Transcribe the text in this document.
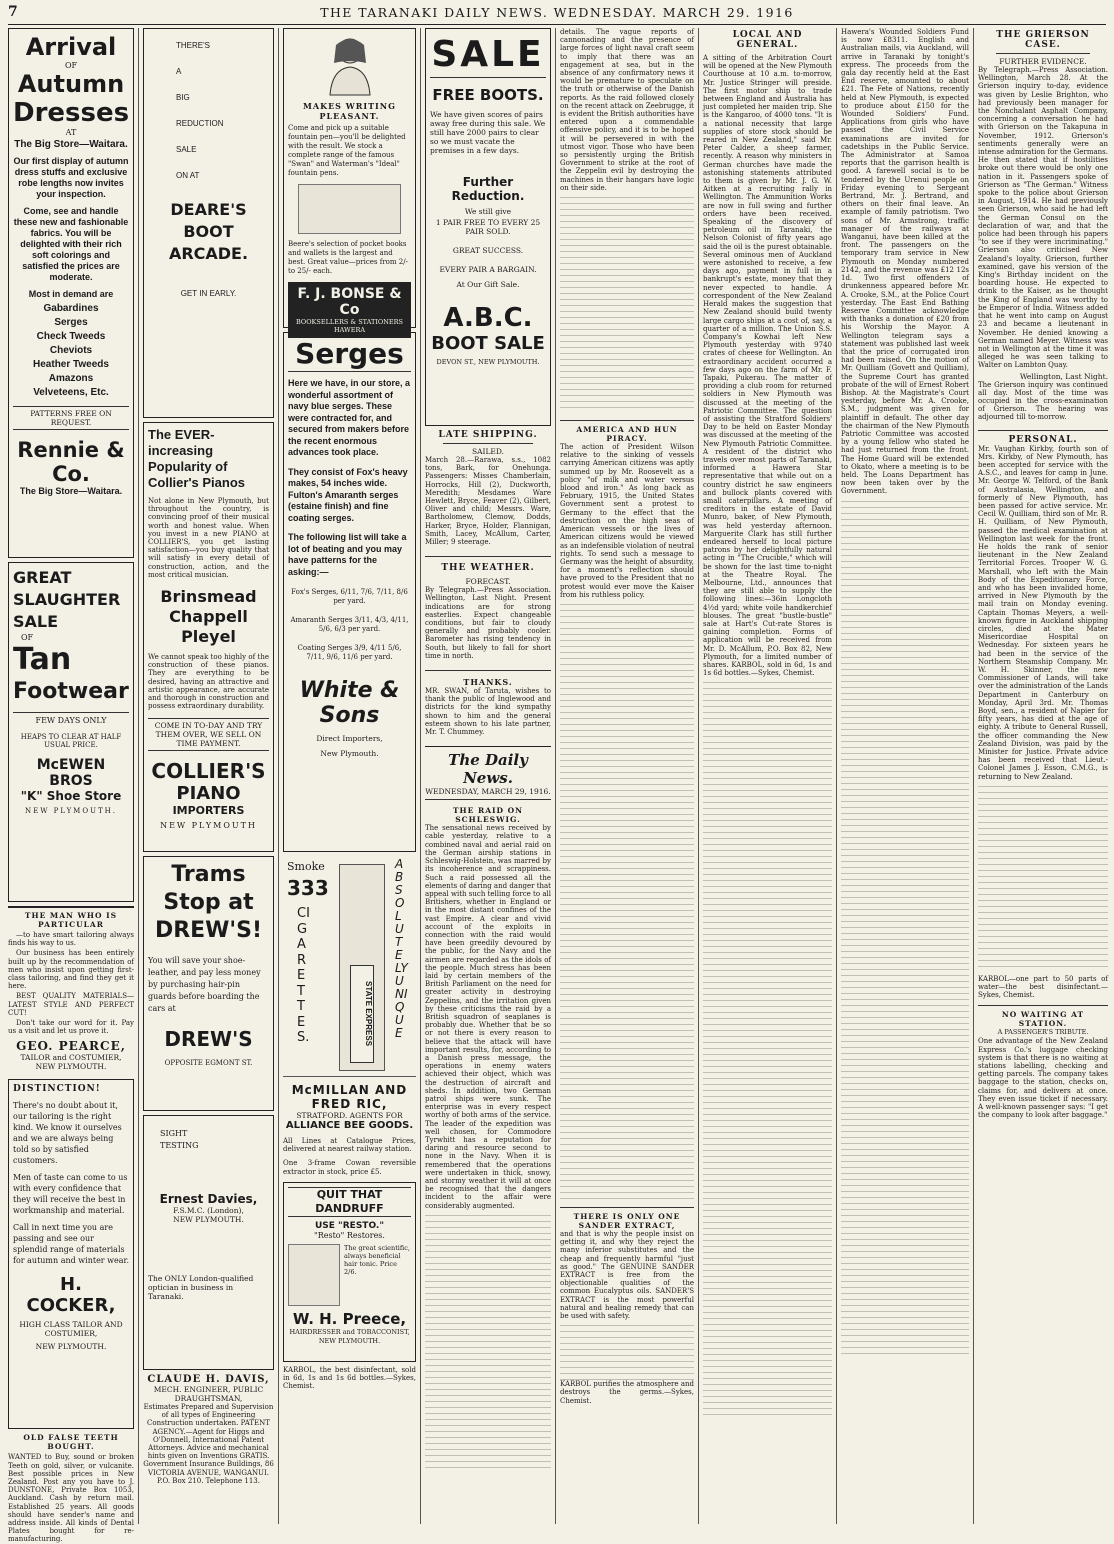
7	THE TARANAKI DAILY NEWS. WEDNESDAY. MARCH 29. 1916
Arrival
OF
Autumn
Dresses
AT
The Big Store—Waitara.
Our first display of autumn dress stuffs and exclusive robe lengths now invites your inspection.
Come, see and handle these new and fashionable fabrics. You will be delighted with their rich soft colorings and satisfied the prices are moderate.
Most in demand are
Gabardines
Serges
Check Tweeds
Cheviots
Heather Tweeds
Amazons
Velveteens, Etc.
PATTERNS FREE ON REQUEST.
Rennie & Co.
The Big Store—Waitara.
GREAT
SLAUGHTER
SALE
OF
Tan
Footwear
FEW DAYS ONLY
HEAPS TO CLEAR AT HALF USUAL PRICE.
McEWEN BROS
"K" Shoe Store
NEW PLYMOUTH.
THE MAN WHO IS PARTICULAR

—to have smart tailoring always finds his way to us.

Our business has been entirely built up by the recommendation of men who insist upon getting first-class tailoring, and find they get it here.

BEST QUALITY MATERIALS—LATEST STYLE AND PERFECT CUT!

Don't take our word for it. Pay us a visit and let us prove it.

GEO. PEARCE,
TAILOR and COSTUMIER,
NEW PLYMOUTH.
DISTINCTION!
There's no doubt about it, our tailoring is the right kind. We know it ourselves and we are always being told so by satisfied customers.
Men of taste can come to us with every confidence that they will receive the best in workmanship and material.
Call in next time you are passing and see our splendid range of materials for autumn and winter wear.
H. COCKER,
HIGH CLASS TAILOR AND COSTUMIER,
NEW PLYMOUTH.
OLD FALSE TEETH BOUGHT.
WANTED to Buy, sound or broken Teeth on gold, silver, or vulcanite. Best possible prices in New Zealand. Post any you have to J. DUNSTONE, Private Box 1053, Auckland. Cash by return mail. Established 25 years. All goods should have sender's name and address inside. All kinds of Dental Plates bought for re-manufacturing.
THERE'S
A
BIG
REDUCTION
SALE
ON AT
DEARE'S BOOT ARCADE.
GET IN EARLY.
The EVER-increasing Popularity of Collier's Pianos
Not alone in New Plymouth, but throughout the country, is convincing proof of their musical worth and honest value. When you invest in a new PIANO at COLLIER'S, you get lasting satisfaction—you buy quality that will satisfy in every detail of construction, action, and the most critical musician.
Brinsmead
Chappell
Pleyel
We cannot speak too highly of the construction of these pianos. They are everything to be desired, having an attractive and artistic appearance, are accurate and thorough in construction and possess extraordinary durability.
COME IN TO-DAY AND TRY THEM OVER, WE SELL ON TIME PAYMENT.
COLLIER'S
PIANO
IMPORTERS
NEW PLYMOUTH
Trams
Stop at
DREW'S!
You will save your shoe-leather, and pay less money by purchasing hair-pin guards before boarding the cars at
DREW'S
OPPOSITE EGMONT ST.
SIGHT TESTING
Ernest Davies,
F.S.M.C. (London),
NEW PLYMOUTH.
The ONLY London-qualified optician in business in Taranaki.
CLAUDE H. DAVIS,
MECH. ENGINEER, PUBLIC DRAUGHTSMAN,
Estimates Prepared and Supervision of all types of Engineering Construction undertaken. PATENT AGENCY.—Agent for Higgs and O'Donnell, International Patent Attorneys. Advice and mechanical hints given on Inventions GRATIS. Government Insurance Buildings, 86 VICTORIA AVENUE, WANGANUI. P.O. Box 210. Telephone 113.
MAKES WRITING PLEASANT.
Come and pick up a suitable fountain pen—you'll be delighted with the result. We stock a complete range of the famous "Swan" and Waterman's "Ideal" fountain pens.
Beere's selection of pocket books and wallets is the largest and best. Great value—prices from 2/- to 25/- each.
F. J. BONSE & Co
BOOKSELLERS & STATIONERS HAWERA
Serges
Here we have, in our store, a wonderful assortment of navy blue serges. These were contracted for, and secured from makers before the recent enormous advances took place.
They consist of Fox's heavy makes, 54 inches wide. Fulton's Amaranth serges (estaine finish) and fine coating serges.
The following list will take a lot of beating and you may have patterns for the asking:—
Fox's Serges, 6/11, 7/6, 7/11, 8/6 per yard.
Amaranth Serges 3/11, 4/3, 4/11, 5/6, 6/3 per yard.
Coating Serges 3/9, 4/11 5/6, 7/11, 9/6, 11/6 per yard.
White & Sons
Direct Importers,
New Plymouth.
Smoke
333
CIGARETTES.	STATE EXPRESS
ABSOLUTELY UNIQUE
McMILLAN AND
FRED RIC,
STRATFORD. AGENTS FOR
ALLIANCE BEE GOODS.
All Lines at Catalogue Prices, delivered at nearest railway station.
One 3-frame Cowan reversible extractor in stock, price £5.
QUIT THAT DANDRUFF
USE "RESTO."
"Resto" Restores.
The great scientific, always beneficial hair tonic. Price 2/6.
W. H. Preece,
HAIRDRESSER and TOBACCONIST, NEW PLYMOUTH.
KARBOL, the best disinfectant, sold in 6d, 1s and 1s 6d bottles.—Sykes, Chemist.
SALE
FREE BOOTS.
We have given scores of pairs away free during this sale. We still have 2000 pairs to clear so we must vacate the premises in a few days.
Further Reduction.
We still give
1 PAIR FREE TO EVERY 25 PAIR SOLD.
GREAT SUCCESS.
EVERY PAIR A BARGAIN.
At Our Gift Sale.
A.B.C.
BOOT SALE
DEVON ST., NEW PLYMOUTH.
LATE SHIPPING.
SAILED.
March 28.—Rarawa, s.s., 1082 tons, Bark, for Onehunga. Passengers: Misses Chamberlain, Horrocks, Hill (2), Duckworth, Meredith; Mesdames Ware Hewlett, Bryce, Feaver (2), Gilbert, Oliver and child; Messrs. Ware, Bartholomew, Clemow, Dodds, Harker, Bryce, Holder, Flannigan, Smith, Lacey, McAllum, Carter, Miller; 9 steerage.
THE WEATHER.
FORECAST.
By Telegraph.—Press Association. Wellington, Last Night. Present indications are for strong easterlies. Expect changeable conditions, but fair to cloudy generally and probably cooler. Barometer has rising tendency in South, but likely to fall for short time in north.
THANKS.
MR. SWAN, of Taruta, wishes to thank the public of Inglewood and districts for the kind sympathy shown to him and the general esteem shown to his late partner, Mr. T. Chummey.
The Daily News.
WEDNESDAY, MARCH 29, 1916.
THE RAID ON SCHLESWIG.
The sensational news received by cable yesterday, relative to a combined naval and aerial raid on the German airship stations in Schleswig-Holstein, was marred by its incoherence and scrappiness. Such a raid possessed all the elements of daring and danger that appeal with such telling force to all Britishers, whether in England or in the most distant confines of the vast Empire. A clear and vivid account of the exploits in connection with the raid would have been greedily devoured by the public, for the Navy and the airmen are regarded as the idols of the people. Much stress has been laid by certain members of the British Parliament on the need for greater activity in destroying Zeppelins, and the irritation given by these criticisms the raid by a British squadron of seaplanes is probably due. Whether that be so or not there is every reason to believe that the attack will have important results, for, according to a Danish press message, the operations in enemy waters achieved their object, which was the destruction of aircraft and sheds. In addition, two German patrol ships were sunk. The enterprise was in every respect worthy of both arms of the service. The leader of the expedition was well chosen, for Commodore Tyrwhitt has a reputation for daring and resource second to none in the Navy. When it is remembered that the operations were undertaken in thick, snowy, and stormy weather it will at once be recognised that the dangers incident to the affair were considerably augmented.
details. The vague reports of cannonading and the presence of large forces of light naval craft seem to imply that there was an engagement at sea, but in the absence of any confirmatory news it would be premature to speculate on the truth or otherwise of the Danish reports. As the raid followed closely on the recent attack on Zeebrugge, it is evident the British authorities have entered upon a commendable offensive policy, and it is to be hoped it will be persevered in with the utmost vigor. Those who have been so persistently urging the British Government to strike at the root of the Zeppelin evil by destroying the machines in their hangars have logic on their side.
AMERICA AND HUN PIRACY.
The action of President Wilson relative to the sinking of vessels carrying American citizens was aptly summed up by Mr. Roosevelt as a policy "of milk and water versus blood and iron." As long back as February, 1915, the United States Government sent a protest to Germany to the effect that the destruction on the high seas of American vessels or the lives of American citizens would be viewed as an indefensible violation of neutral rights. To send such a message to Germany was the height of absurdity, for a moment's reflection should have proved to the President that no protest would ever move the Kaiser from his ruthless policy.
THERE IS ONLY ONE SANDER EXTRACT,
and that is why the people insist on getting it, and why they reject the many inferior substitutes and the cheap and frequently harmful "just as good." The GENUINE SANDER EXTRACT is free from the objectionable qualities of the common Eucalyptus oils. SANDER'S EXTRACT is the most powerful natural and healing remedy that can be used with safety.
KARBOL purifies the atmosphere and destroys the germs.—Sykes, Chemist.
LOCAL AND GENERAL.
A sitting of the Arbitration Court will be opened at the New Plymouth Courthouse at 10 a.m. to-morrow, Mr. Justice Stringer will preside. The first motor ship to trade between England and Australia has just completed her maiden trip. She is the Kangaroo, of 4000 tons. "It is a national necessity that large supplies of store stock should be reared in New Zealand," said Mr. Peter Calder, a sheep farmer, recently. A reason why ministers in German churches have made the astonishing statements attributed to them is given by Mr. J. G. W. Aitken at a recruiting rally in Wellington. The Ammunition Works are now in full swing and further orders have been received. Speaking of the discovery of petroleum oil in Taranaki, the Nelson Colonist of fifty years ago said the oil is the purest obtainable. Several ominous men of Auckland were astonished to receive, a few days ago, payment in full in a bankrupt's estate, money that they never expected to handle. A correspondent of the New Zealand Herald makes the suggestion that New Zealand should build twenty large cargo ships at a cost of, say, a quarter of a million. The Union S.S. Company's Kowhai left New Plymouth yesterday with 9740 crates of cheese for Wellington. An extraordinary accident occurred a few days ago on the farm of Mr. F. Tapaki, Pukerau. The matter of providing a club room for returned soldiers in New Plymouth was discussed at the meeting of the Patriotic Committee. The question of assisting the Stratford Soldiers' Day to be held on Easter Monday was discussed at the meeting of the New Plymouth Patriotic Committee. A resident of the district who travels over most parts of Taranaki, informed a Hawera Star representative that while out on a country district he saw engineers and bullock plants covered with small caterpillars. A meeting of creditors in the estate of David Munro, baker, of New Plymouth, was held yesterday afternoon. Marguerite Clark has still further endeared herself to local picture patrons by her delightfully natural acting in "The Crucible," which will be shown for the last time to-night at the Theatre Royal. The Melbourne, Ltd., announces that they are still able to supply the following lines:—36in Longcloth 4½d yard; white voile handkerchief blouses. The great "bustle-bustle" sale at Hart's Cut-rate Stores is gaining completion. Forms of application will be received from Mr. D. McAllum, P.O. Box 82, New Plymouth, for a limited number of shares. KARBOL, sold in 6d, 1s and 1s 6d bottles.—Sykes, Chemist.
Hawera's Wounded Soldiers Fund is now £8311. English and Australian mails, via Auckland, will arrive in Taranaki by tonight's express. The proceeds from the gala day recently held at the East End reserve, amounted to about £21. The Fete of Nations, recently held at New Plymouth, is expected to produce about £150 for the Wounded Soldiers' Fund. Applications from girls who have passed the Civil Service examinations are invited for cadetships in the Public Service. The Administrator at Samoa reports that the garrison health is good. A farewell social is to be tendered by the Urenui people on Friday evening to Sergeant Bertrand, Mr. J. Bertrand, and others on their final leave. An example of family patriotism. Two sons of Mr. Armstrong, traffic manager of the railways at Wanganui, have been killed at the front. The passengers on the temporary tram service in New Plymouth on Monday numbered 2142, and the revenue was £12 12s 1d. Two first offenders of drunkenness appeared before Mr. A. Crooke, S.M., at the Police Court yesterday. The East End Bathing Reserve Committee acknowledge with thanks a donation of £20 from his Worship the Mayor. A Wellington telegram says a statement was published last week that the price of corrugated iron had been raised. On the motion of Mr. Quilliam (Govett and Quilliam), the Supreme Court has granted probate of the will of Ernest Robert Bishop. At the Magistrate's Court yesterday, before Mr. A. Crooke, S.M., judgment was given for plaintiff in default. The other day the chairman of the New Plymouth Patriotic Committee was accosted by a young fellow who stated he had just returned from the front. The Home Guard will be extended to Okato, where a meeting is to be held. The Loans Department has now been taken over by the Government.
THE GRIERSON CASE.
FURTHER EVIDENCE.
By Telegraph.—Press Association. Wellington, March 28. At the Grierson inquiry to-day, evidence was given by Leslie Brighton, who had previously been manager for the Nonchalant Asphalt Company, concerning a conversation he had with Grierson on the Takapuna in November, 1912. Grierson's sentiments generally were an intense admiration for the Germans. He then stated that if hostilities broke out there would be only one nation in it. Passengers spoke of Grierson as "The German." Witness spoke to the police about Grierson in August, 1914. He had previously seen Grierson, who said he had left the German Consul on the declaration of war, and that the police had been through his papers "to see if they were incriminating." Grierson also criticised New Zealand's loyalty. Grierson, further examined, gave his version of the King's Birthday incident on the boarding house. He expected to drink to the Kaiser, as he thought the King of England was worthy to be Emperor of India. Witness added that he went into camp on August 23 and became a lieutenant in November. He denied knowing a German named Meyer. Witness was not in Wellington at the time it was alleged he was seen talking to Walter on Lambton Quay.
Wellington, Last Night.
The Grierson inquiry was continued all day. Most of the time was occupied in the cross-examination of Grierson. The hearing was adjourned till to-morrow.
PERSONAL.
Mr. Vaughan Kirkby, fourth son of Mrs. Kirkby, of New Plymouth, has been accepted for service with the A.S.C., and leaves for camp in June. Mr. George W. Telford, of the Bank of Australasia, Wellington, and formerly of New Plymouth, has been passed for active service. Mr. Cecil W. Quilliam, third son of Mr. R. H. Quilliam, of New Plymouth, passed the medical examination at Wellington last week for the front. He holds the rank of senior lieutenant in the New Zealand Territorial Forces. Trooper W. G. Marshall, who left with the Main Body of the Expeditionary Force, and who has been invalided home, arrived in New Plymouth by the mail train on Monday evening. Captain Thomas Meyers, a well-known figure in Auckland shipping circles, died at the Mater Misericordiae Hospital on Wednesday. For sixteen years he had been in the service of the Northern Steamship Company. Mr. W. H. Skinner, the new Commissioner of Lands, will take over the administration of the Lands Department in Canterbury on Monday, April 3rd. Mr. Thomas Boyd, sen., a resident of Napier for fifty years, has died at the age of eighty. A tribute to General Russell, the officer commanding the New Zealand Division, was paid by the Minister for Justice. Private advice has been received that Lieut.-Colonel James J. Esson, C.M.G., is returning to New Zealand.
KARBOL—one part to 50 parts of water—the best disinfectant.—Sykes, Chemist.
NO WAITING AT STATION.
A PASSENGER'S TRIBUTE.
One advantage of the New Zealand Express Co.'s luggage checking system is that there is no waiting at stations labelling, checking and getting parcels. The company takes baggage to the station, checks on, claims for, and delivers at once. They even issue ticket if necessary. A well-known passenger says: "I get the company to look after baggage."
